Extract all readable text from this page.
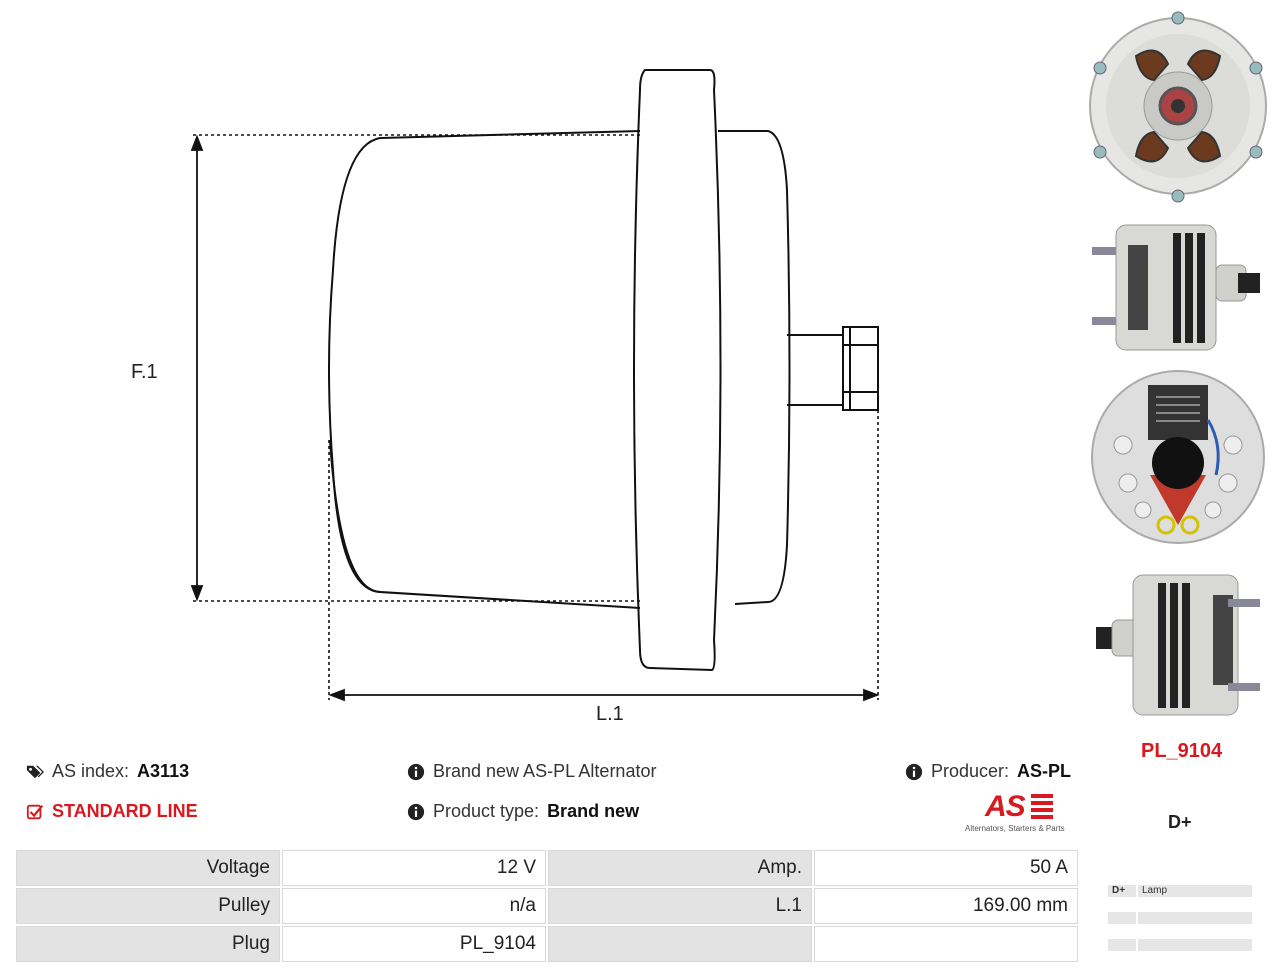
F.1
L.1
AS index: A3113
STANDARD LINE
Brand new AS-PL Alternator
Product type: Brand new
Producer: AS-PL
AS
Alternators, Starters & Parts
PL_9104
D+
D+ Lamp
Voltage	12 V	Amp.	50 A
Pulley	n/a	L.1	169.00 mm
Plug	PL_9104		
